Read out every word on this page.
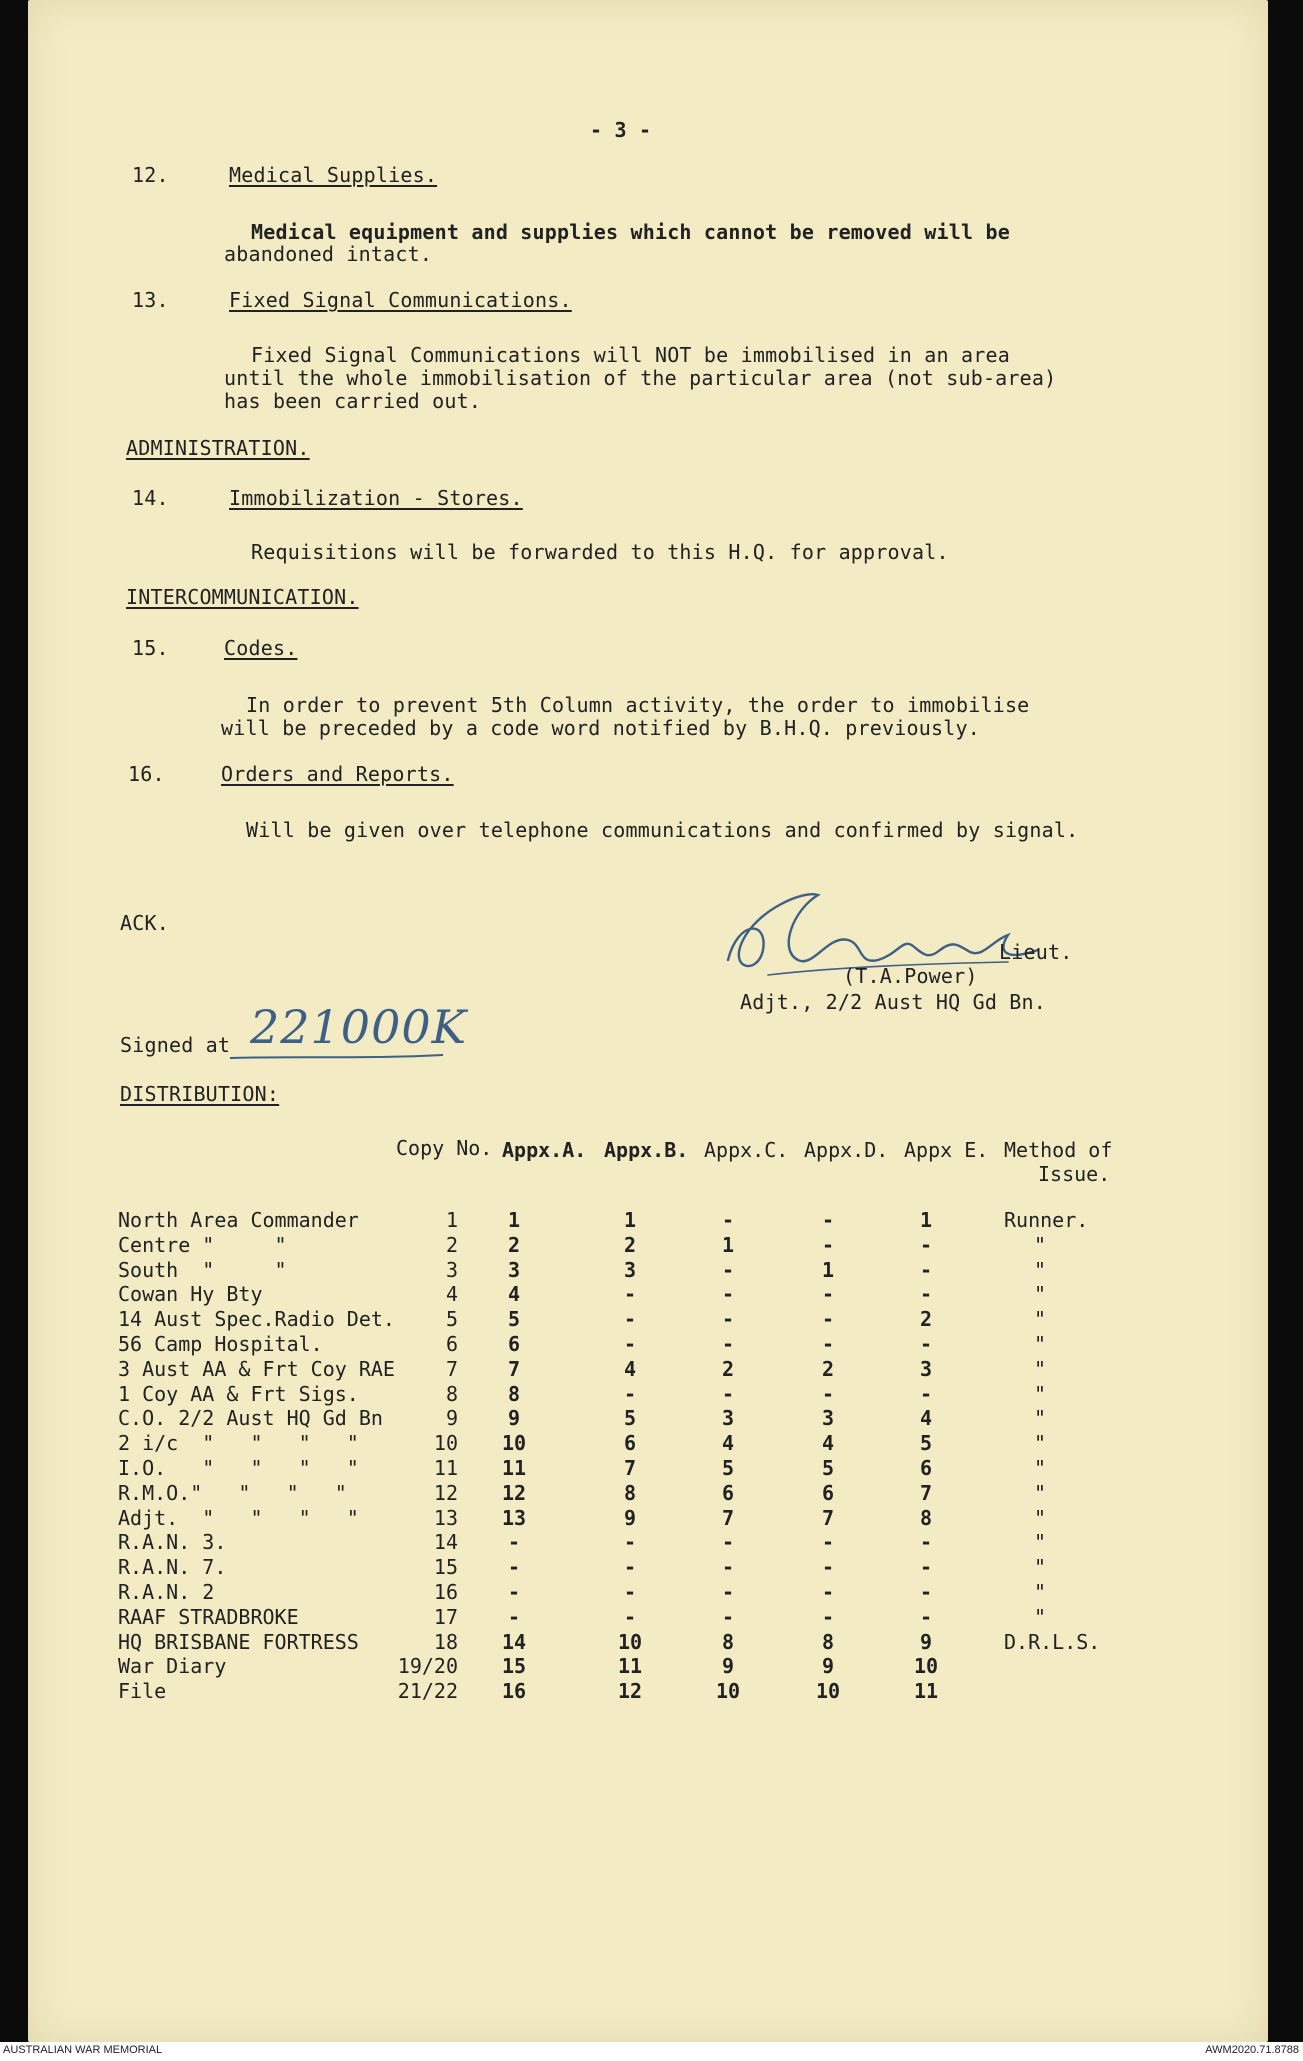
- 3 -
12.	Medical Supplies.
Medical equipment and supplies which cannot be removed will be
abandoned intact.
13.	Fixed Signal Communications.
Fixed Signal Communications will NOT be immobilised in an area
until the whole immobilisation of the particular area (not sub-area)
has been carried out.
ADMINISTRATION.
14.	Immobilization - Stores.
Requisitions will be forwarded to this H.Q. for approval.
INTERCOMMUNICATION.
15.	Codes.
In order to prevent 5th Column activity, the order to immobilise
will be preceded by a code word notified by B.H.Q. previously.
16.	Orders and Reports.
Will be given over telephone communications and confirmed by signal.
ACK.
Lieut.
(T.A.Power)
Adjt., 2/2 Aust HQ Gd Bn.
Signed at 221000K
DISTRIBUTION:
Copy No. Appx.A. Appx.B. Appx.C. Appx.D. Appx E. Method of
Issue.
North Area Commander	1	1	1	-	-	1	Runner.
Centre "     "	2	2	2	1	-	-	"
South  "     "	3	3	3	-	1	-	"
Cowan Hy Bty	4	4	-	-	-	-	"
14 Aust Spec.Radio Det.	5	5	-	-	-	2	"
56 Camp Hospital.	6	6	-	-	-	-	"
3 Aust AA & Frt Coy RAE	7	7	4	2	2	3	"
1 Coy AA & Frt Sigs.	8	8	-	-	-	-	"
C.O. 2/2 Aust HQ Gd Bn	9	9	5	3	3	4	"
2 i/c  "   "   "   "	10	10	6	4	4	5	"
I.O.   "   "   "   "	11	11	7	5	5	6	"
R.M.O."   "   "   "	12	12	8	6	6	7	"
Adjt.  "   "   "   "	13	13	9	7	7	8	"
R.A.N. 3.	14	-	-	-	-	-	"
R.A.N. 7.	15	-	-	-	-	-	"
R.A.N. 2	16	-	-	-	-	-	"
RAAF STRADBROKE	17	-	-	-	-	-	"
HQ BRISBANE FORTRESS	18	14	10	8	8	9	D.R.L.S.
War Diary	19/20	15	11	9	9	10
File	21/22	16	12	10	10	11
AUSTRALIAN WAR MEMORIAL	AWM2020.71.8788
